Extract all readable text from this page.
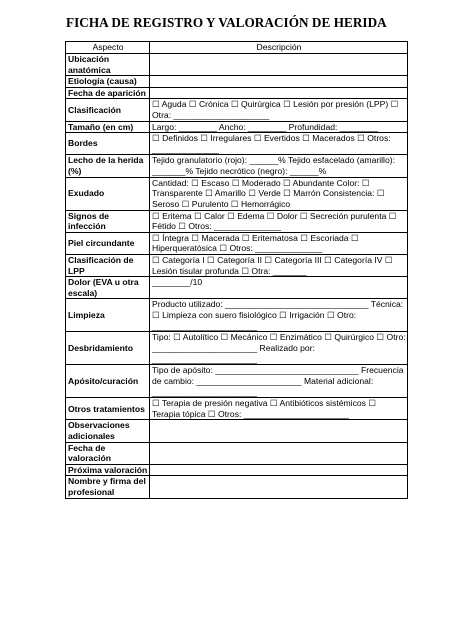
FICHA DE REGISTRO Y VALORACIÓN DE HERIDA
Aspecto	Descripción
Ubicación anatómica	
Etiología (causa)	
Fecha de aparición	
Clasificación	☐ Aguda ☐ Crónica ☐ Quirúrgica ☐ Lesión por presión (LPP) ☐ Otra: ____________________
Tamaño (en cm)	Largo: ________ Ancho: ________ Profundidad: ________
Bordes	☐ Definidos ☐ Irregulares ☐ Evertidos ☐ Macerados ☐ Otros: ______________
Lecho de la herida (%)	Tejido granulatorio (rojo): ______% Tejido esfacelado (amarillo): _______% Tejido necrótico (negro): ______%
Exudado	Cantidad: ☐ Escaso ☐ Moderado ☐ Abundante Color: ☐ Transparente ☐ Amarillo ☐ Verde ☐ Marrón Consistencia: ☐ Seroso ☐ Purulento ☐ Hemorrágico
Signos de infección	☐ Eritema ☐ Calor ☐ Edema ☐ Dolor ☐ Secreción purulenta ☐ Fétido ☐ Otros: ______________
Piel circundante	☐ Íntegra ☐ Macerada ☐ Eritematosa ☐ Escoriada ☐ Hiperqueratósica ☐ Otros: ______________
Clasificación de LPP	☐ Categoría I ☐ Categoría II ☐ Categoría III ☐ Categoría IV ☐ Lesión tisular profunda ☐ Otra: _______
Dolor (EVA u otra escala)	________/10
Limpieza	Producto utilizado: ______________________________ Técnica: ☐ Limpieza con suero fisiológico ☐ Irrigación ☐ Otro: ______________________
Desbridamiento	Tipo: ☐ Autolítico ☐ Mecánico ☐ Enzimático ☐ Quirúrgico ☐ Otro: ______________________ Realizado por: ______________________
Apósito/curación	Tipo de apósito: ______________________________ Frecuencia de cambio: ______________________ Material adicional: ______________________
Otros tratamientos	☐ Terapia de presión negativa ☐ Antibióticos sistémicos ☐ Terapia tópica ☐ Otros: ______________________
Observaciones adicionales	
Fecha de valoración	
Próxima valoración	
Nombre y firma del profesional	
